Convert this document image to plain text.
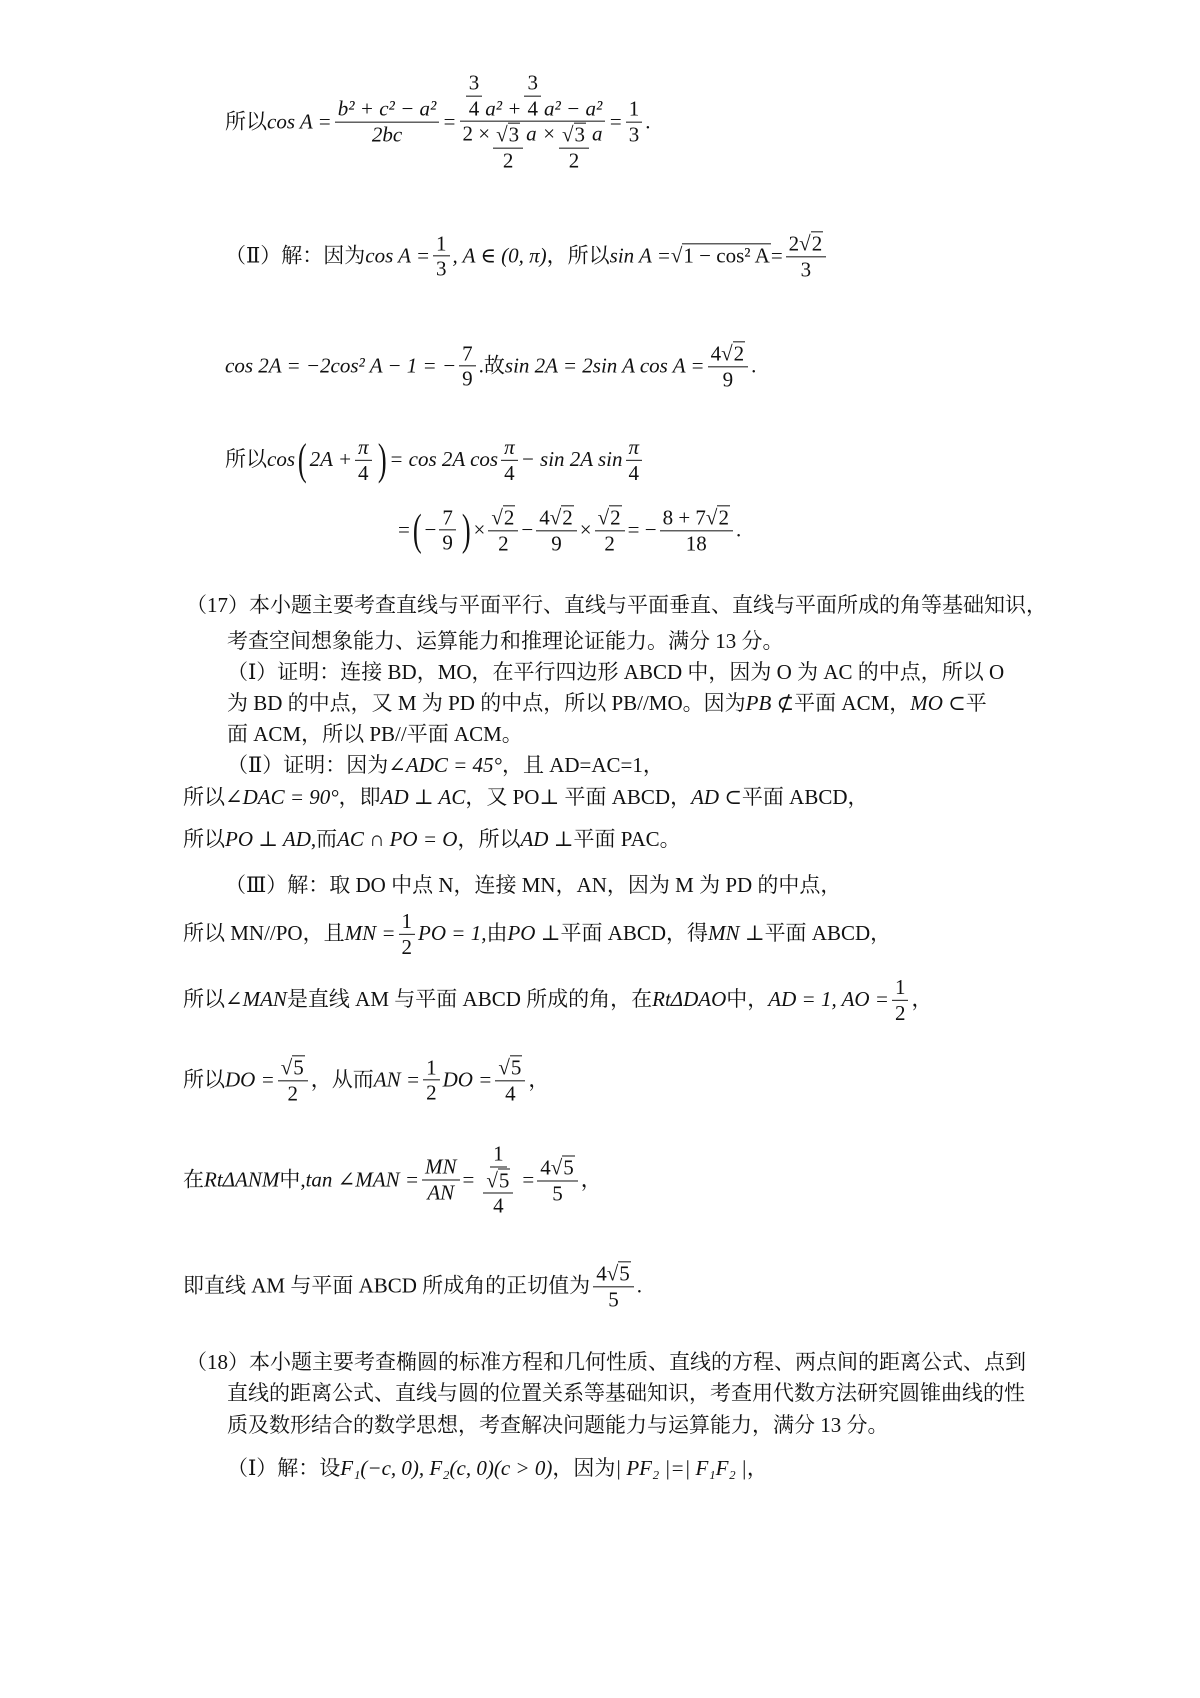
所以 $\cos A = \frac{\text{b² + c² − a²}}{2bc} = \frac{\frac{3}{4} a^2 + \frac{3}{4} a^2 - a^2}{2 \times \frac{√ 3}{2} a \times \frac{√ 3}{2} a} = \frac{1}{3}$ .
（Ⅱ）解：因为 $\cos A = \frac{1}{3}$ , A ∈ (0, π) ，所以 sin A = √ 1 − cos² $A = \frac{2 √ 2}{3}$
cos 2A = −2cos² A − 1 = − $\frac{7}{9}$ .故 sin 2A = 2sin A $\cos A = \frac{4 √ 2}{9}$ .
所以 cos ( $2A + \frac{\pi}{4}$ ) = cos 2A $\cos \frac{\pi}{4} - \sin 2A$ $\sin \frac{\pi}{4}$
= ( − $\frac{7}{9}$ ) × $\frac{√ 2}{2} - \frac{4 √ 2}{9} \times \frac{√ 2}{2}$ = − $\frac{8 + 7 √ 2}{18}$ .
（17）本小题主要考查直线与平面平行、直线与平面垂直、直线与平面所成的角等基础知识，
考查空间想象能力、运算能力和推理论证能力。满分 13 分。
（Ⅰ）证明：连接 BD，MO，在平行四边形 ABCD 中，因为 O 为 AC 的中点，所以 O
为 BD 的中点，又 M 为 PD 的中点，所以 PB//MO。因为 PB ⊄ 平面 ACM， MO ⊂ 平
面 ACM，所以 PB//平面 ACM。
（Ⅱ）证明：因为 ∠ADC = 45° ，且 AD=AC=1，
所以 ∠DAC = 90° ，即 AD ⊥ AC ，又 PO⊥ 平面 ABCD， AD ⊂ 平面 ABCD，
所以 PO ⊥ AD ,而 AC ∩ PO = O ，所以 AD ⊥ 平面 PAC。
（Ⅲ）解：取 DO 中点 N，连接 MN，AN，因为 M 为 PD 的中点，
所以 MN//PO，且 MN = $\frac{1}{2}$ PO = 1, 由 PO ⊥ 平面 ABCD，得 MN ⊥ 平面 ABCD，
所以 ∠MAN 是直线 AM 与平面 ABCD 所成的角，在 RtΔDAO 中， AD = 1, AO = $\frac{1}{2}$ ，
所以 DO = $\frac{√ 5}{2}$ ，从而 AN = $\frac{1}{2}$ DO = $\frac{√ 5}{4}$ ，
在 RtΔANM 中, tan ∠MAN = $\frac{MN}{AN} = \frac{1}{\frac{√ 5}{4}} = \frac{4 √ 5}{5}$ ，
即直线 AM 与平面 ABCD 所成角的正切值为 $\frac{4 √ 5}{5}$ .
（18）本小题主要考查椭圆的标准方程和几何性质、直线的方程、两点间的距离公式、点到
直线的距离公式、直线与圆的位置关系等基础知识，考查用代数方法研究圆锥曲线的性
质及数形结合的数学思想，考查解决问题能力与运算能力，满分 13 分。
（Ⅰ）解：设 F₁(−c, 0), F₂(c, 0)(c > 0) ，因为 | PF₂ |=| F₁F₂ | ，
